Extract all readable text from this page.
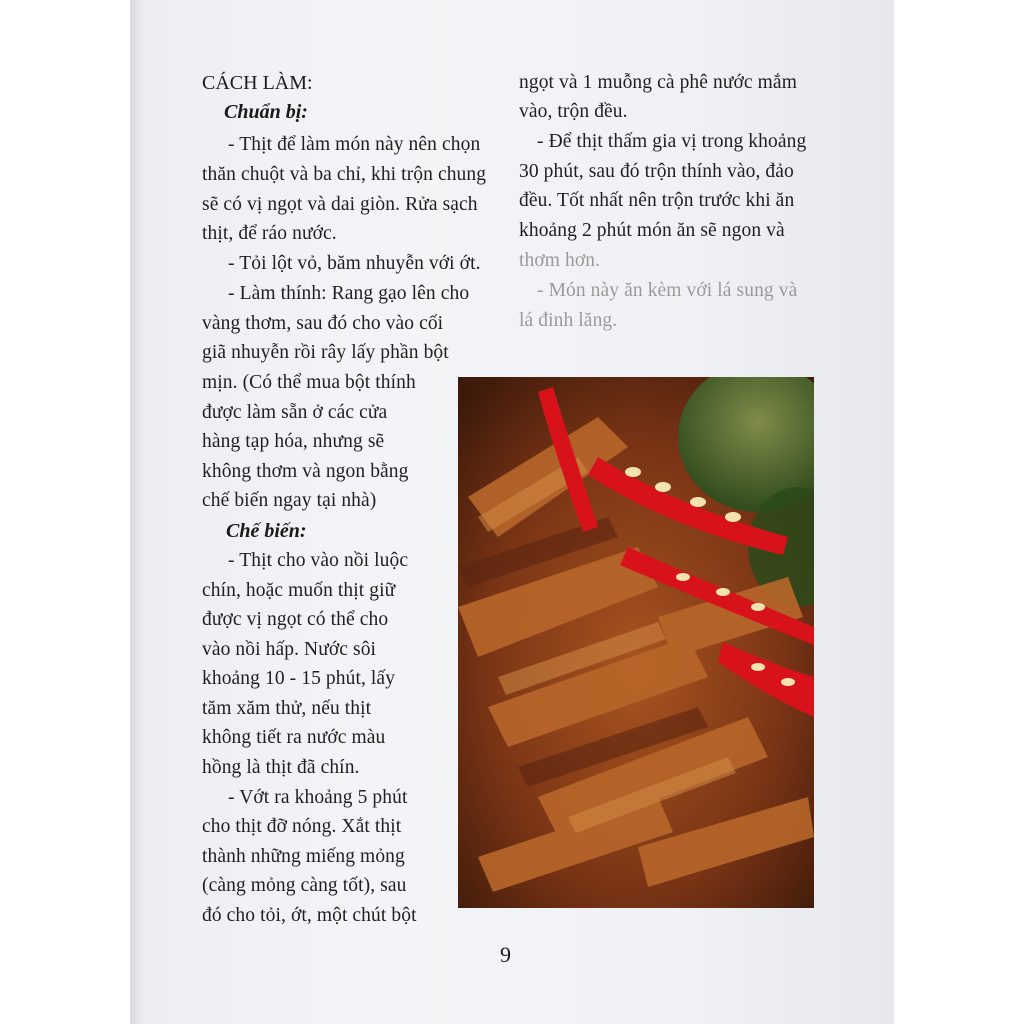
CÁCH LÀM:
Chuẩn bị:
- Thịt để làm món này nên chọn
thăn chuột và ba chỉ, khi trộn chung
sẽ có vị ngọt và dai giòn. Rửa sạch
thịt, để ráo nước.
- Tỏi lột vỏ, băm nhuyễn với ớt.
- Làm thính: Rang gạo lên cho
vàng thơm, sau đó cho vào cối
giã nhuyễn rồi rây lấy phần bột
mịn. (Có thể mua bột thính
được làm sẵn ở các cửa
hàng tạp hóa, nhưng sẽ
không thơm và ngon bằng
chế biến ngay tại nhà)
Chế biến:
- Thịt cho vào nồi luộc
chín, hoặc muốn thịt giữ
được vị ngọt có thể cho
vào nồi hấp. Nước sôi
khoảng 10 - 15 phút, lấy
tăm xăm thử, nếu thịt
không tiết ra nước màu
hồng là thịt đã chín.
- Vớt ra khoảng 5 phút
cho thịt đỡ nóng. Xắt thịt
thành những miếng mỏng
(càng mỏng càng tốt), sau
đó cho tỏi, ớt, một chút bột
ngọt và 1 muỗng cà phê nước mắm
vào, trộn đều.
- Để thịt thấm gia vị trong khoảng
30 phút, sau đó trộn thính vào, đảo
đều. Tốt nhất nên trộn trước khi ăn
khoảng 2 phút món ăn sẽ ngon và
thơm hơn.
- Món này ăn kèm với lá sung và
lá đinh lăng.
9
